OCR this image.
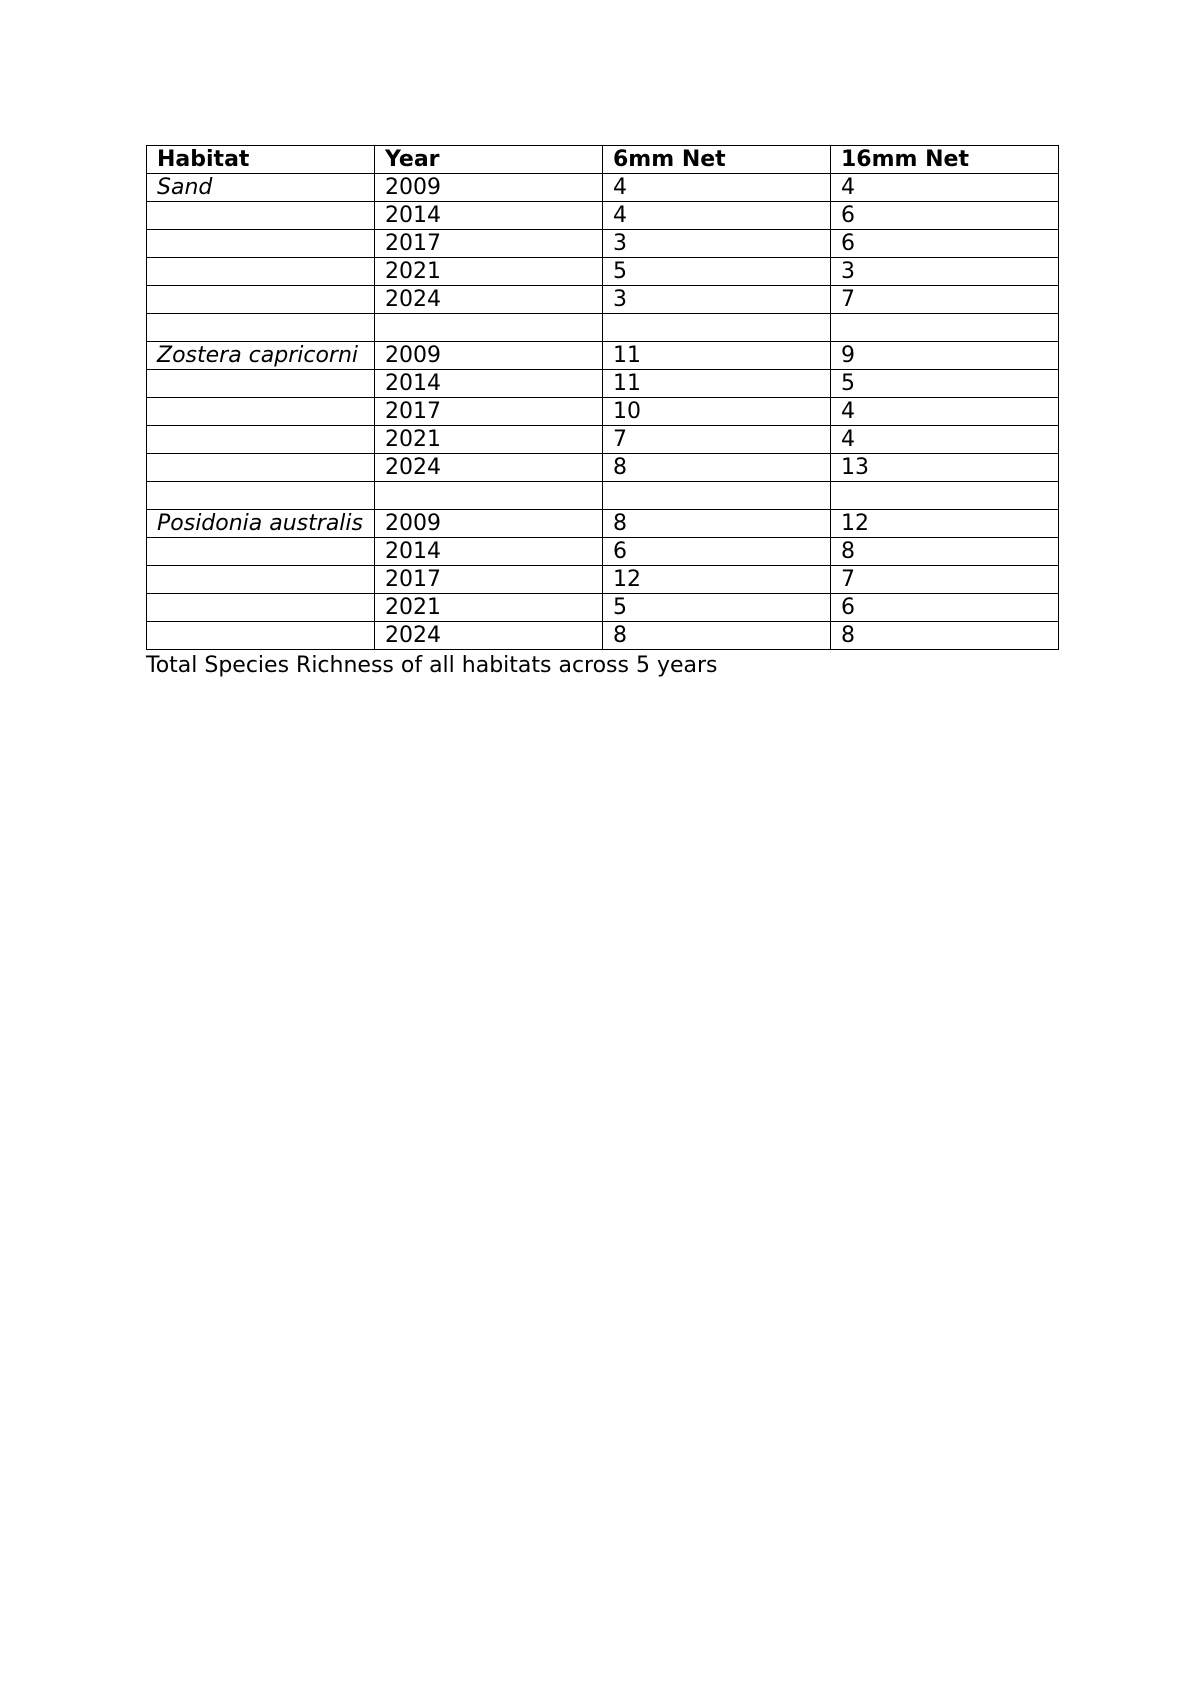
Habitat	Year	6mm Net	16mm Net
Sand	2009	4	4
	2014	4	6
	2017	3	6
	2021	5	3
	2024	3	7

Zostera capricorni	2009	11	9
	2014	11	5
	2017	10	4
	2021	7	4
	2024	8	13

Posidonia australis	2009	8	12
	2014	6	8
	2017	12	7
	2021	5	6
	2024	8	8
Total Species Richness of all habitats across 5 years
